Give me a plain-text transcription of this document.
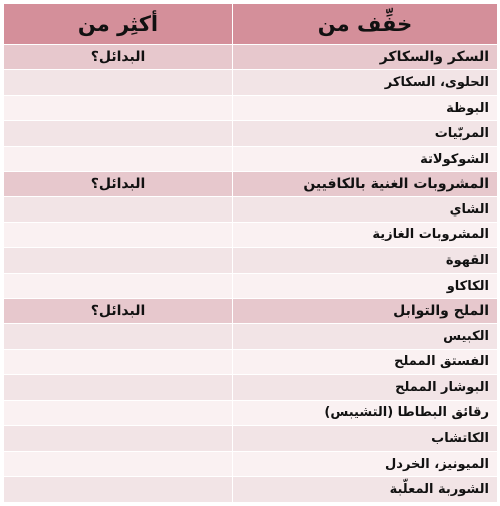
خفِّف من	أكثِر من
السكر والسكاكر	البدائل؟
الحلوى، السكاكر	
البوظة	
المربّيات	
الشوكولاتة	
المشروبات الغنية بالكافيين	البدائل؟
الشاي	
المشروبات الغازية	
القهوة	
الكاكاو	
الملح والتوابل	البدائل؟
الكبيس	
الفستق المملح	
البوشار المملح	
رقائق البطاطا (التشيبس)	
الكاتشاب	
الميونيز، الخردل	
الشوربة المعلّبة	
